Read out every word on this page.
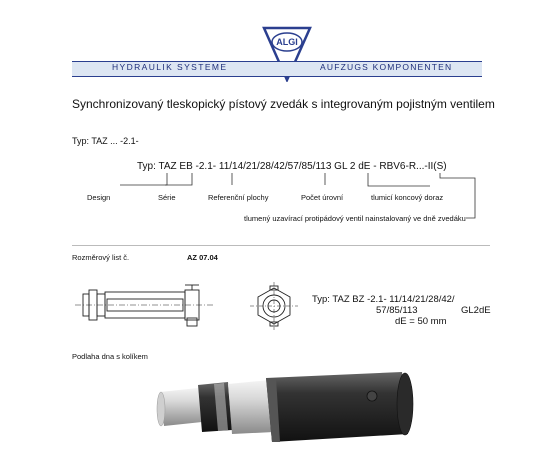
ALGI
HYDRAULIK SYSTEME	AUFZUGS KOMPONENTEN
Synchronizovaný tleskopický pístový zvedák s integrovaným pojistným ventilem
Typ: TAZ ... -2.1-
Typ: TAZ EB -2.1- 11/14/21/28/42/57/85/113 GL 2 dE - RBV6-R...-II(S)
Design	Série	Referenční plochy	Počet úrovní	tlumicí koncový doraz
tlumený uzavírací protipádový ventil nainstalovaný ve dně zvedáku
Rozměrový list č.	AZ 07.04
Typ: TAZ BZ -2.1- 11/14/21/28/42/
57/85/113	GL2dE
dE = 50 mm
Podlaha dna s kolíkem
